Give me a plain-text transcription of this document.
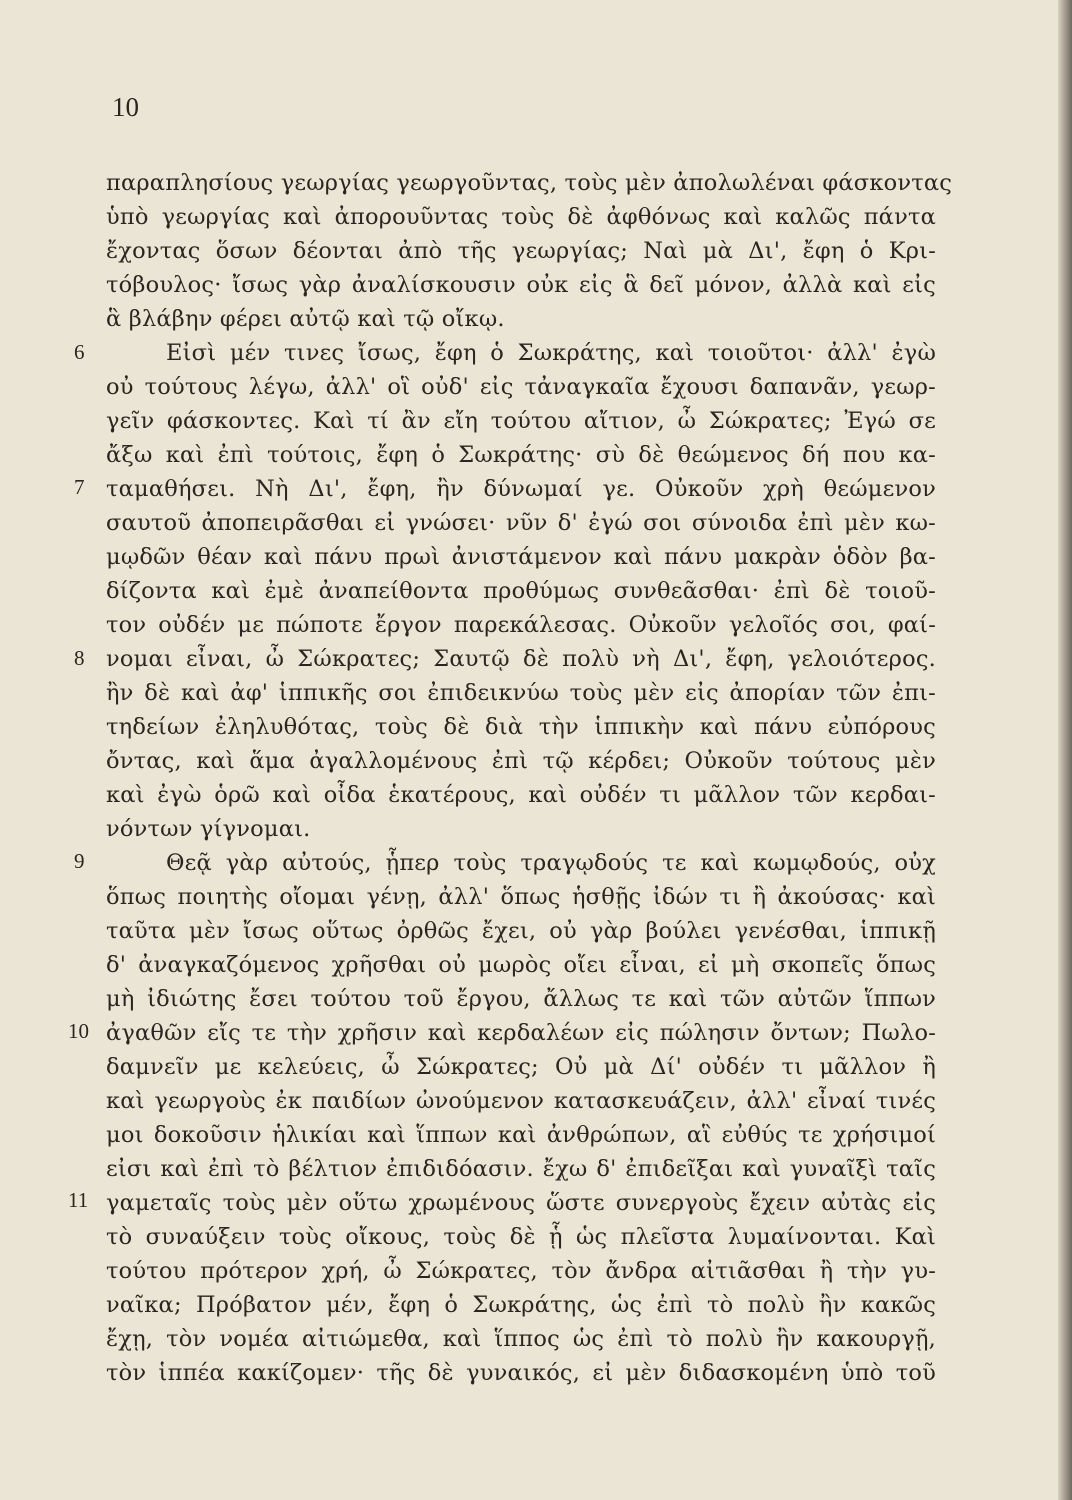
10
6
7
8
9
10
11
παραπλησίους γεωργίας γεωργοῦντας, τοὺς μὲν ἀπολωλέναι φάσκοντας
ὑπὸ γεωργίας καὶ ἀπορουῦντας τοὺς δὲ ἀφθόνως καὶ καλῶς πάντα
ἔχοντας ὅσων δέονται ἀπὸ τῆς γεωργίας; Ναὶ μὰ Δι', ἔφη ὁ Κρι-
τόβουλος· ἴσως γὰρ ἀναλίσκουσιν οὐκ εἰς ἃ δεῖ μόνον, ἀλλὰ καὶ εἰς
ἃ βλάβην φέρει αὐτῷ καὶ τῷ οἴκῳ.
Εἰσὶ μέν τινες ἴσως, ἔφη ὁ Σωκράτης, καὶ τοιοῦτοι· ἀλλ' ἐγὼ
οὐ τούτους λέγω, ἀλλ' οἳ οὐδ' εἰς τἀναγκαῖα ἔχουσι δαπανᾶν, γεωρ-
γεῖν φάσκοντες. Καὶ τί ἂν εἴη τούτου αἴτιον, ὦ Σώκρατες; Ἐγώ σε
ἄξω καὶ ἐπὶ τούτοις, ἔφη ὁ Σωκράτης· σὺ δὲ θεώμενος δή που κα-
ταμαθήσει. Νὴ Δι', ἔφη, ἢν δύνωμαί γε. Οὐκοῦν χρὴ θεώμενον
σαυτοῦ ἀποπειρᾶσθαι εἰ γνώσει· νῦν δ' ἐγώ σοι σύνοιδα ἐπὶ μὲν κω-
μῳδῶν θέαν καὶ πάνυ πρωὶ ἀνιστάμενον καὶ πάνυ μακρὰν ὁδὸν βα-
δίζοντα καὶ ἐμὲ ἀναπείθοντα προθύμως συνθεᾶσθαι· ἐπὶ δὲ τοιοῦ-
τον οὐδέν με πώποτε ἔργον παρεκάλεσας. Οὐκοῦν γελοῖός σοι, φαί-
νομαι εἶναι, ὦ Σώκρατες; Σαυτῷ δὲ πολὺ νὴ Δι', ἔφη, γελοιότερος.
ἢν δὲ καὶ ἀφ' ἱππικῆς σοι ἐπιδεικνύω τοὺς μὲν εἰς ἀπορίαν τῶν ἐπι-
τηδείων ἐληλυθότας, τοὺς δὲ διὰ τὴν ἱππικὴν καὶ πάνυ εὐπόρους
ὄντας, καὶ ἅμα ἀγαλλομένους ἐπὶ τῷ κέρδει; Οὐκοῦν τούτους μὲν
καὶ ἐγὼ ὁρῶ καὶ οἶδα ἑκατέρους, καὶ οὐδέν τι μᾶλλον τῶν κερδαι-
νόντων γίγνομαι.
Θεᾷ γὰρ αὐτούς, ᾗπερ τοὺς τραγῳδούς τε καὶ κωμῳδούς, οὐχ
ὅπως ποιητὴς οἴομαι γένῃ, ἀλλ' ὅπως ἡσθῇς ἰδών τι ἢ ἀκούσας· καὶ
ταῦτα μὲν ἴσως οὕτως ὀρθῶς ἔχει, οὐ γὰρ βούλει γενέσθαι, ἱππικῇ
δ' ἀναγκαζόμενος χρῆσθαι οὐ μωρὸς οἴει εἶναι, εἰ μὴ σκοπεῖς ὅπως
μὴ ἰδιώτης ἔσει τούτου τοῦ ἔργου, ἄλλως τε καὶ τῶν αὐτῶν ἵππων
ἀγαθῶν εἴς τε τὴν χρῆσιν καὶ κερδαλέων εἰς πώλησιν ὄντων; Πωλο-
δαμνεῖν με κελεύεις, ὦ Σώκρατες; Οὐ μὰ Δί' οὐδέν τι μᾶλλον ἢ
καὶ γεωργοὺς ἐκ παιδίων ὠνούμενον κατασκευάζειν, ἀλλ' εἶναί τινές
μοι δοκοῦσιν ἡλικίαι καὶ ἵππων καὶ ἀνθρώπων, αἳ εὐθύς τε χρήσιμοί
εἰσι καὶ ἐπὶ τὸ βέλτιον ἐπιδιδόασιν. ἔχω δ' ἐπιδεῖξαι καὶ γυναῖξὶ ταῖς
γαμεταῖς τοὺς μὲν οὕτω χρωμένους ὥστε συνεργοὺς ἔχειν αὐτὰς εἰς
τὸ συναύξειν τοὺς οἴκους, τοὺς δὲ ᾗ ὡς πλεῖστα λυμαίνονται. Καὶ
τούτου πρότερον χρή, ὦ Σώκρατες, τὸν ἄνδρα αἰτιᾶσθαι ἢ τὴν γυ-
ναῖκα; Πρόβατον μέν, ἔφη ὁ Σωκράτης, ὡς ἐπὶ τὸ πολὺ ἢν κακῶς
ἔχῃ, τὸν νομέα αἰτιώμεθα, καὶ ἵππος ὡς ἐπὶ τὸ πολὺ ἢν κακουργῇ,
τὸν ἱππέα κακίζομεν· τῆς δὲ γυναικός, εἰ μὲν διδασκομένη ὑπὸ τοῦ
